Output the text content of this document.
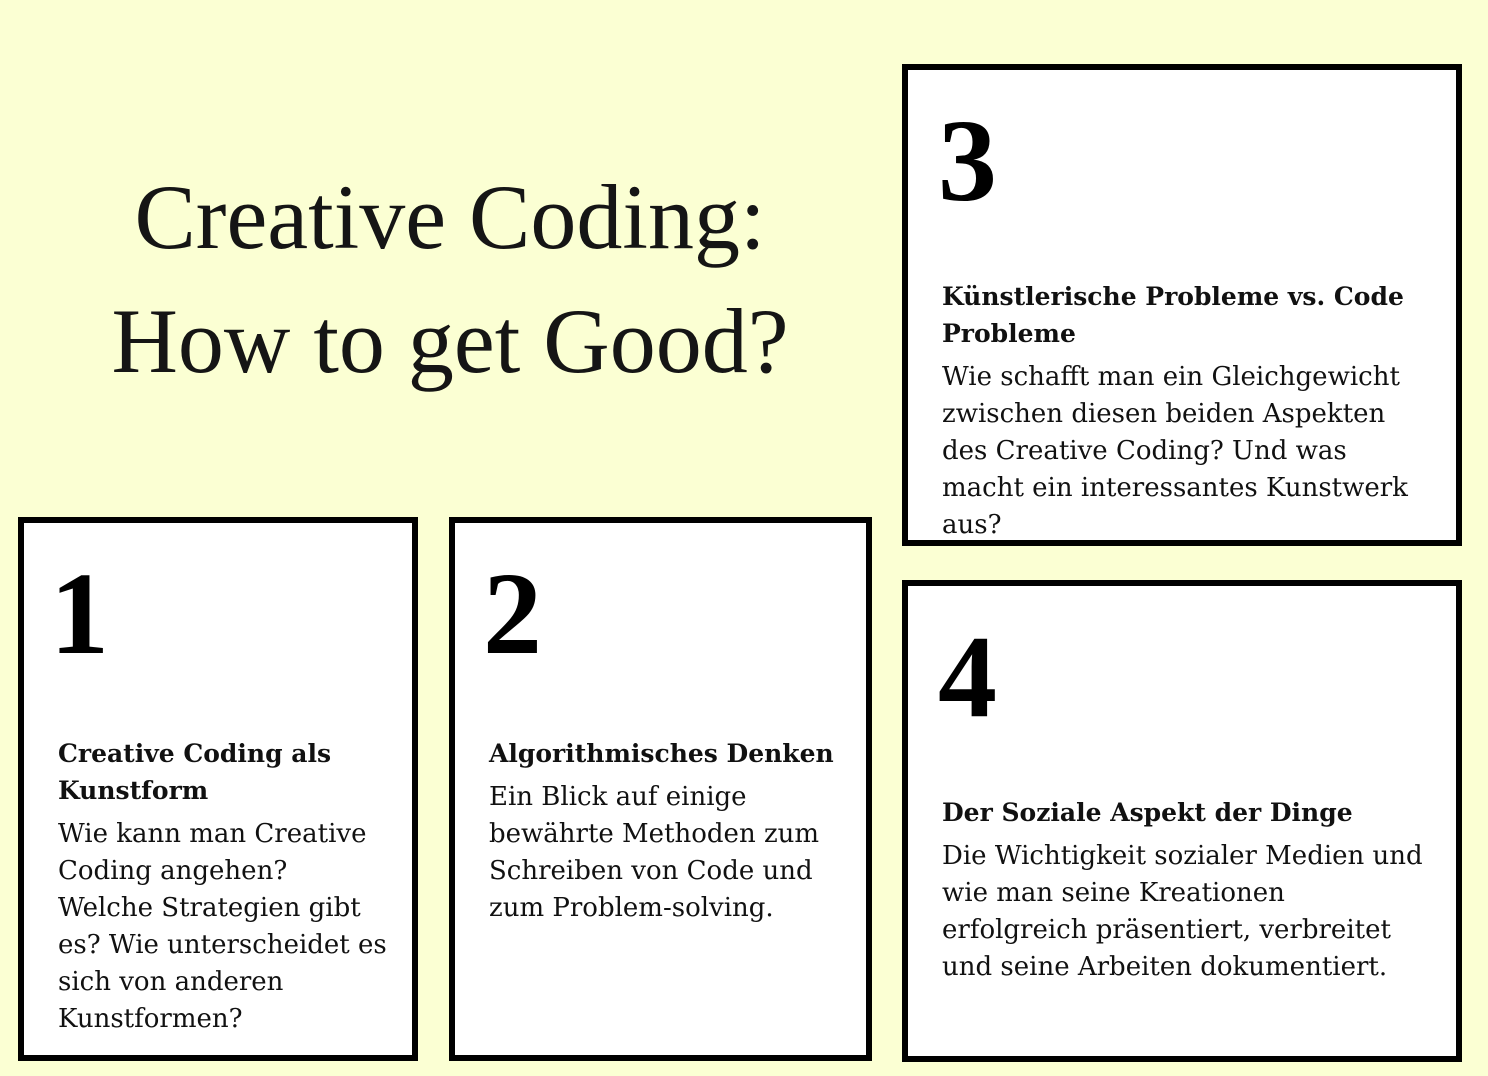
Creative Coding:
How to get Good?
1

Creative Coding als Kunstform

Wie kann man Creative Coding angehen? Welche Strategien gibt es? Wie unterscheidet es sich von anderen Kunstformen?

2

Algorithmisches Denken

Ein Blick auf einige bewährte Methoden zum Schreiben von Code und zum Problem-solving.

3

Künstlerische Probleme vs. Code Probleme

Wie schafft man ein Gleichgewicht zwischen diesen beiden Aspekten des Creative Coding? Und was macht ein interessantes Kunstwerk aus?

4

Der Soziale Aspekt der Dinge

Die Wichtigkeit sozialer Medien und wie man seine Kreationen erfolgreich präsentiert, verbreitet und seine Arbeiten dokumentiert.
